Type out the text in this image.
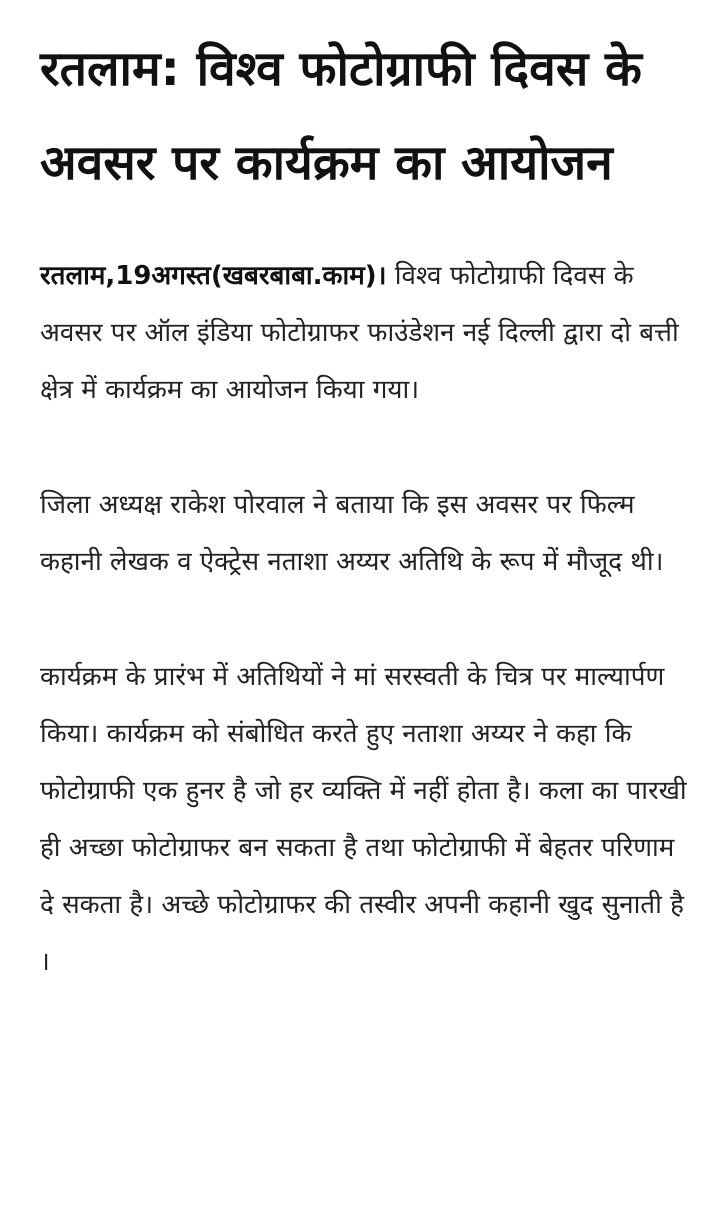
रतलाम: विश्व फोटोग्राफी दिवस के अवसर पर कार्यक्रम का आयोजन

रतलाम,19अगस्त(खबरबाबा.काम)। विश्व फोटोग्राफी दिवस के अवसर पर ऑल इंडिया फोटोग्राफर फाउंडेशन नई दिल्ली द्वारा दो बत्ती क्षेत्र में कार्यक्रम का आयोजन किया गया।

जिला अध्यक्ष राकेश पोरवाल ने बताया कि इस अवसर पर फिल्म कहानी लेखक व ऐक्ट्रेस नताशा अय्यर अतिथि के रूप में मौजूद थी।

कार्यक्रम के प्रारंभ में अतिथियों ने मां सरस्वती के चित्र पर माल्यार्पण किया। कार्यक्रम को संबोधित करते हुए नताशा अय्यर ने कहा कि फोटोग्राफी एक हुनर है जो हर व्यक्ति में नहीं होता है। कला का पारखी ही अच्छा फोटोग्राफर बन सकता है तथा फोटोग्राफी में बेहतर परिणाम दे सकता है। अच्छे फोटोग्राफर की तस्वीर अपनी कहानी खुद सुनाती है ।
